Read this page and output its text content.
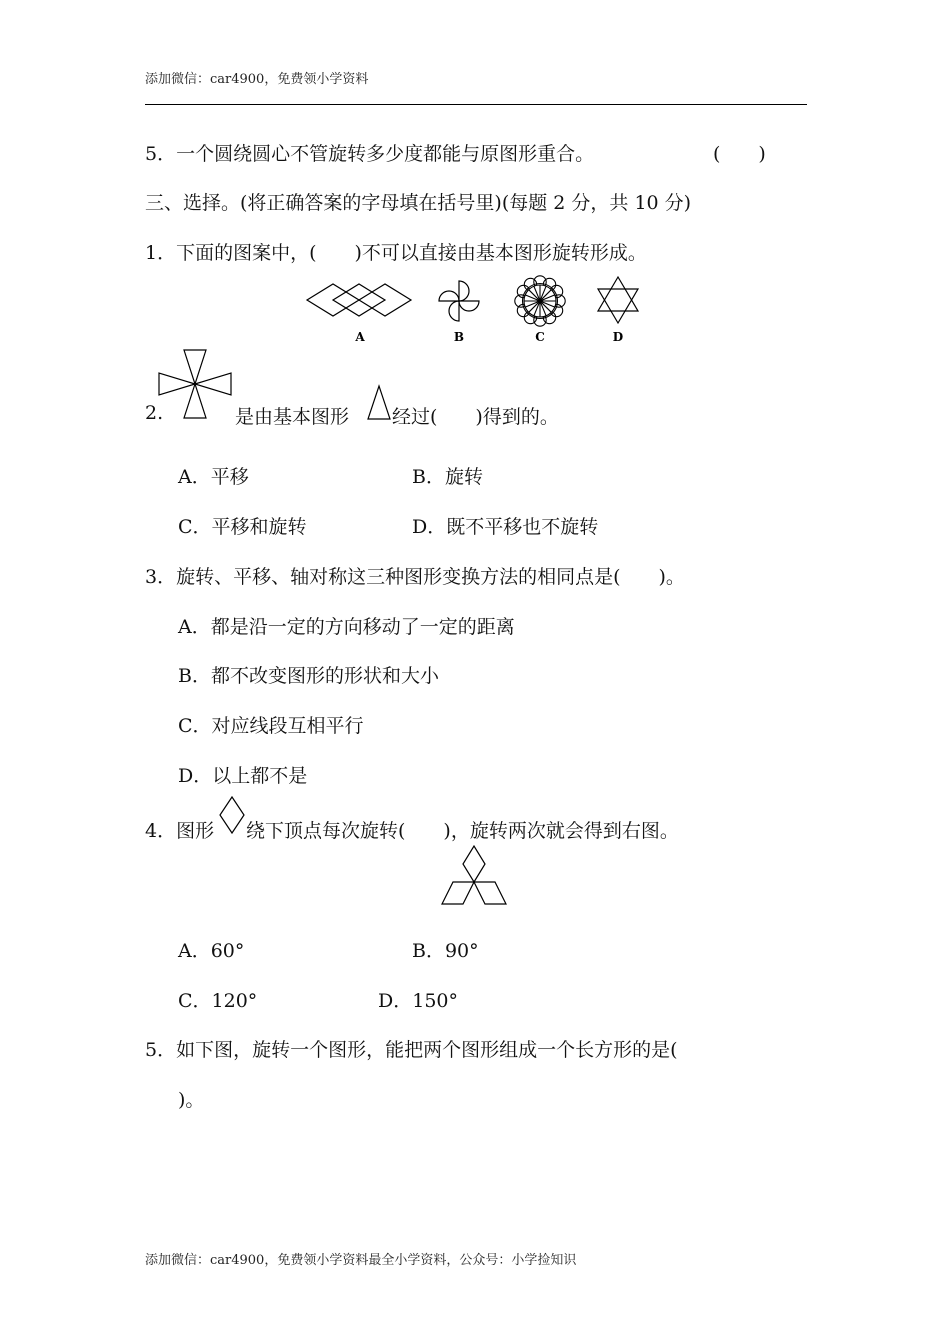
添加微信：car4900，免费领小学资料
5．一个圆绕圆心不管旋转多少度都能与原图形重合。	(　　)
三、选择。(将正确答案的字母填在括号里)(每题 2 分，共 10 分)
1．下面的图案中，(　　)不可以直接由基本图形旋转形成。
A	B	C	D
2.	是由基本图形 经过(　　)得到的。
A．平移	B．旋转
C．平移和旋转	D．既不平移也不旋转
3．旋转、平移、轴对称这三种图形变换方法的相同点是(　　)。
A．都是沿一定的方向移动了一定的距离
B．都不改变图形的形状和大小
C．对应线段互相平行
D．以上都不是
4．图形 绕下顶点每次旋转(　　)，旋转两次就会得到右图。
A．60°	B．90°
C．120°	D．150°
5．如下图，旋转一个图形，能把两个图形组成一个长方形的是(
)。
添加微信：car4900，免费领小学资料最全小学资料，公众号：小学捡知识
